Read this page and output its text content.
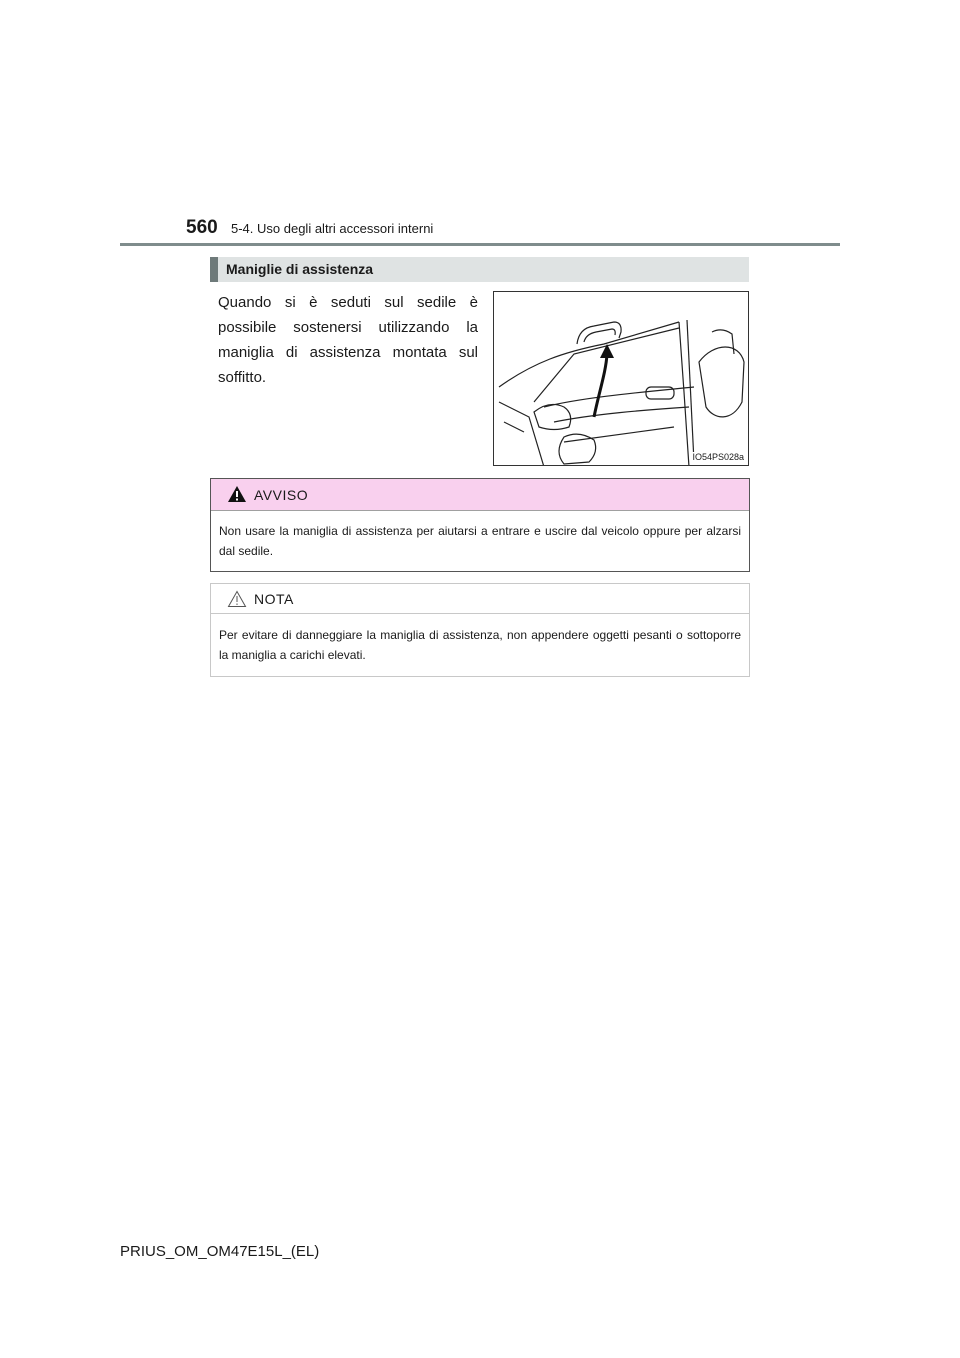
560 5-4. Uso degli altri accessori interni
Maniglie di assistenza
Quando si è seduti sul sedile è possibile sostenersi utilizzando la maniglia di assistenza montata sul soffitto.
IO54PS028a
AVVISO
Non usare la maniglia di assistenza per aiutarsi a entrare e uscire dal veicolo oppure per alzarsi dal sedile.
NOTA
Per evitare di danneggiare la maniglia di assistenza, non appendere oggetti pesanti o sottoporre la maniglia a carichi elevati.
PRIUS_OM_OM47E15L_(EL)
